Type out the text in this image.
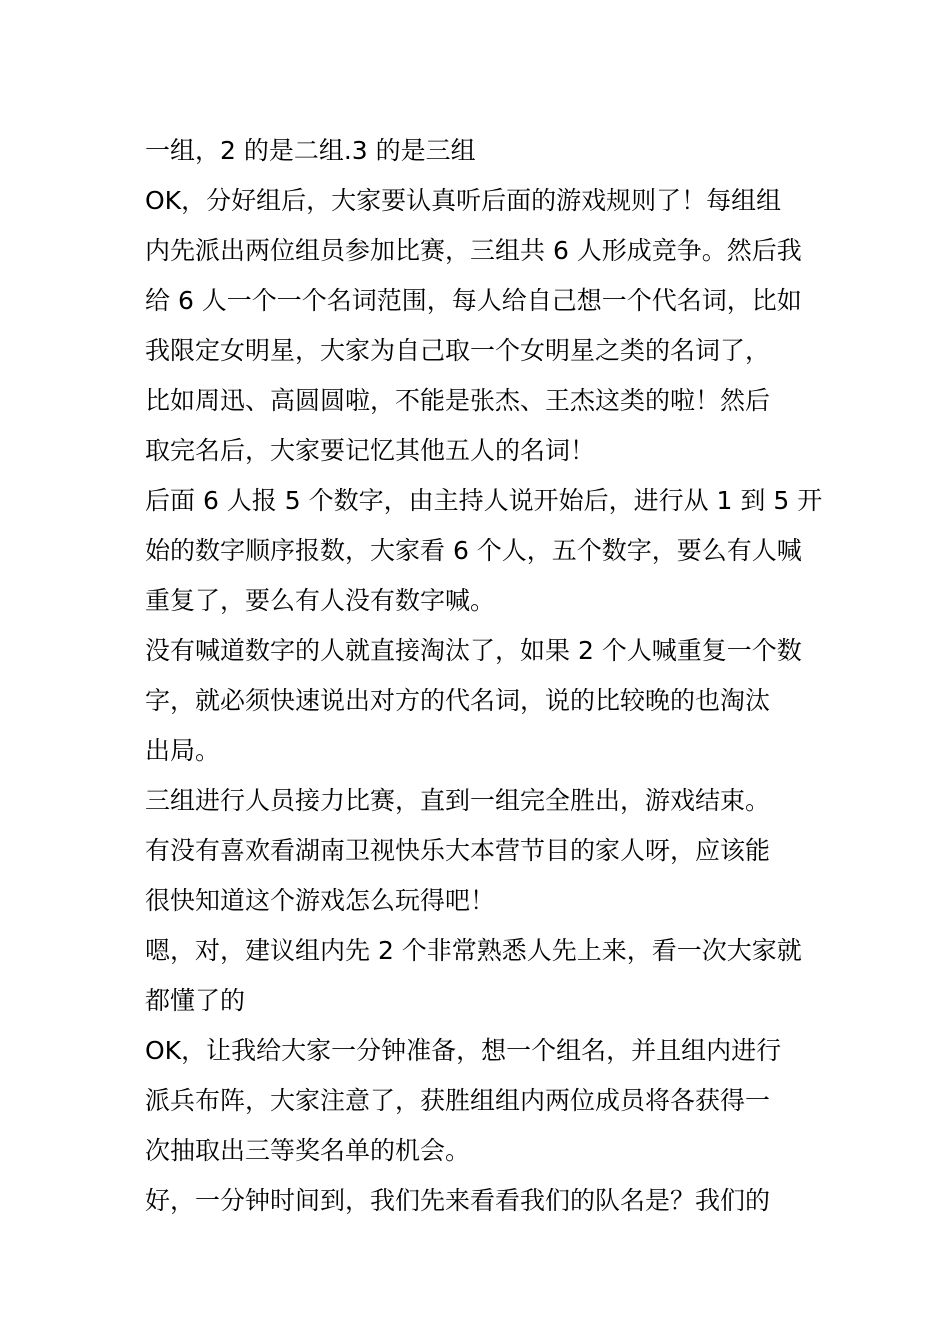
一组，2 的是二组.3 的是三组
OK，分好组后，大家要认真听后面的游戏规则了！每组组
内先派出两位组员参加比赛，三组共 6 人形成竞争。然后我
给 6 人一个一个名词范围，每人给自己想一个代名词，比如
我限定女明星，大家为自己取一个女明星之类的名词了，
比如周迅、高圆圆啦，不能是张杰、王杰这类的啦！然后
取完名后，大家要记忆其他五人的名词！
后面 6 人报 5 个数字，由主持人说开始后，进行从 1 到 5 开
始的数字顺序报数，大家看 6 个人，五个数字，要么有人喊
重复了，要么有人没有数字喊。
没有喊道数字的人就直接淘汰了，如果 2 个人喊重复一个数
字，就必须快速说出对方的代名词，说的比较晚的也淘汰
出局。
三组进行人员接力比赛，直到一组完全胜出，游戏结束。
有没有喜欢看湖南卫视快乐大本营节目的家人呀，应该能
很快知道这个游戏怎么玩得吧！
嗯，对，建议组内先 2 个非常熟悉人先上来，看一次大家就
都懂了的
OK，让我给大家一分钟准备，想一个组名，并且组内进行
派兵布阵，大家注意了，获胜组组内两位成员将各获得一
次抽取出三等奖名单的机会。
好，一分钟时间到，我们先来看看我们的队名是？我们的
